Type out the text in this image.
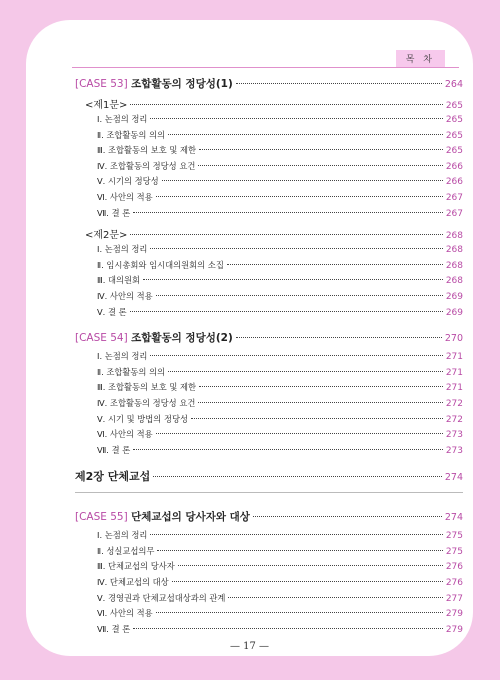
목 차
[CASE 53] 조합활동의 정당성(1)	264
<제1문>	265
Ⅰ. 논점의 정리	265
Ⅱ. 조합활동의 의의	265
Ⅲ. 조합활동의 보호 및 제한	265
Ⅳ. 조합활동의 정당성 요건	266
Ⅴ. 시기의 정당성	266
Ⅵ. 사안의 적용	267
Ⅶ. 결 론	267
<제2문>	268
Ⅰ. 논점의 정리	268
Ⅱ. 임시총회와 임시대의원회의 소집	268
Ⅲ. 대의원회	268
Ⅳ. 사안의 적용	269
Ⅴ. 결 론	269
[CASE 54] 조합활동의 정당성(2)	270
Ⅰ. 논점의 정리	271
Ⅱ. 조합활동의 의의	271
Ⅲ. 조합활동의 보호 및 제한	271
Ⅳ. 조합활동의 정당성 요건	272
Ⅴ. 시기 및 방법의 정당성	272
Ⅵ. 사안의 적용	273
Ⅶ. 결 론	273
제2장 단체교섭	274
[CASE 55] 단체교섭의 당사자와 대상	274
Ⅰ. 논점의 정리	275
Ⅱ. 성실교섭의무	275
Ⅲ. 단체교섭의 당사자	276
Ⅳ. 단체교섭의 대상	276
Ⅴ. 경영권과 단체교섭대상과의 관계	277
Ⅵ. 사안의 적용	279
Ⅶ. 결 론	279
— 17 —
